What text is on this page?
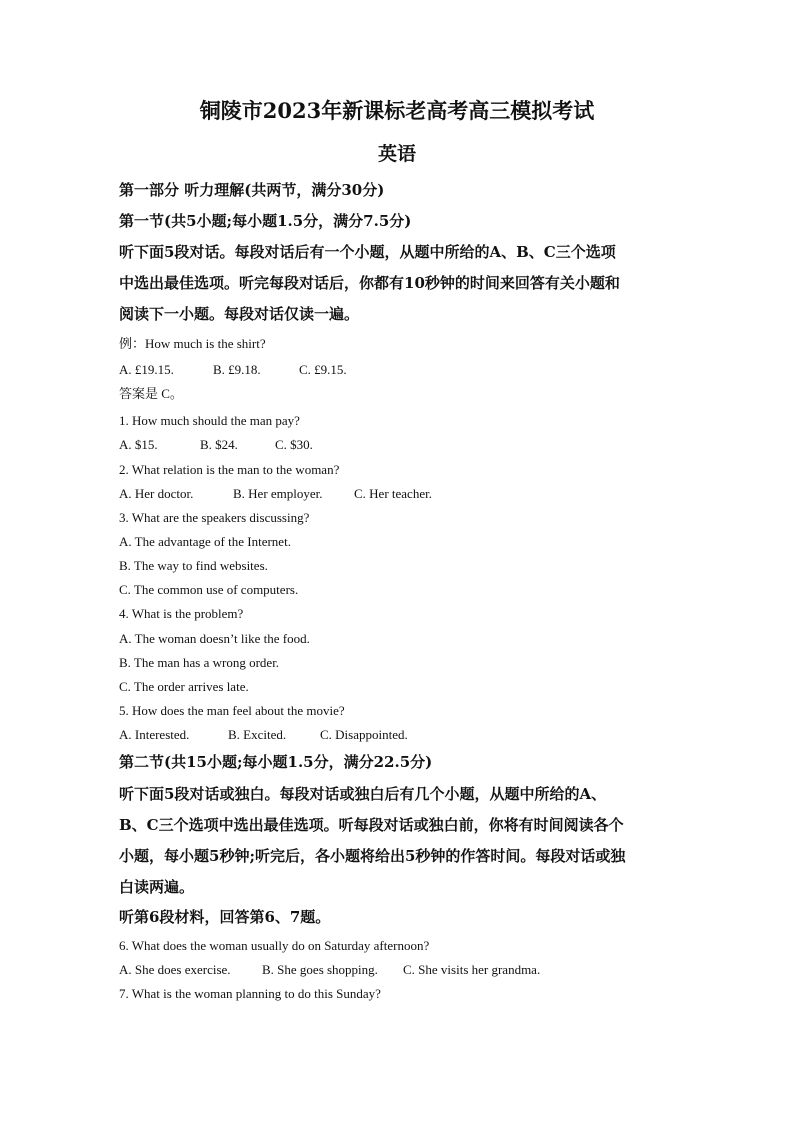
铜陵市2023年新课标老高考高三模拟考试
英语
第一部分 听力理解(共两节，满分30分)
第一节(共5小题;每小题1.5分，满分7.5分)
听下面5段对话。每段对话后有一个小题，从题中所给的A、B、C三个选项
中选出最佳选项。听完每段对话后，你都有10秒钟的时间来回答有关小题和
阅读下一小题。每段对话仅读一遍。
例：How much is the shirt?
A. £19.15.	B. £9.18.	C. £9.15.
答案是 C。
1. How much should the man pay?
A. $15.	B. $24.	C. $30.
2. What relation is the man to the woman?
A. Her doctor.	B. Her employer. C. Her teacher.
3. What are the speakers discussing?
A. The advantage of the Internet.
B. The way to find websites.
C. The common use of computers.
4. What is the problem?
A. The woman doesn’t like the food.
B. The man has a wrong order.
C. The order arrives late.
5. How does the man feel about the movie?
A. Interested.	B. Excited.	C. Disappointed.
第二节(共15小题;每小题1.5分，满分22.5分)
听下面5段对话或独白。每段对话或独白后有几个小题，从题中所给的A、
B、C三个选项中选出最佳选项。听每段对话或独白前，你将有时间阅读各个
小题，每小题5秒钟;听完后，各小题将给出5秒钟的作答时间。每段对话或独
白读两遍。
听第6段材料，回答第6、7题。
6. What does the woman usually do on Saturday afternoon?
A. She does exercise. B. She goes shopping. C. She visits her grandma.
7. What is the woman planning to do this Sunday?
